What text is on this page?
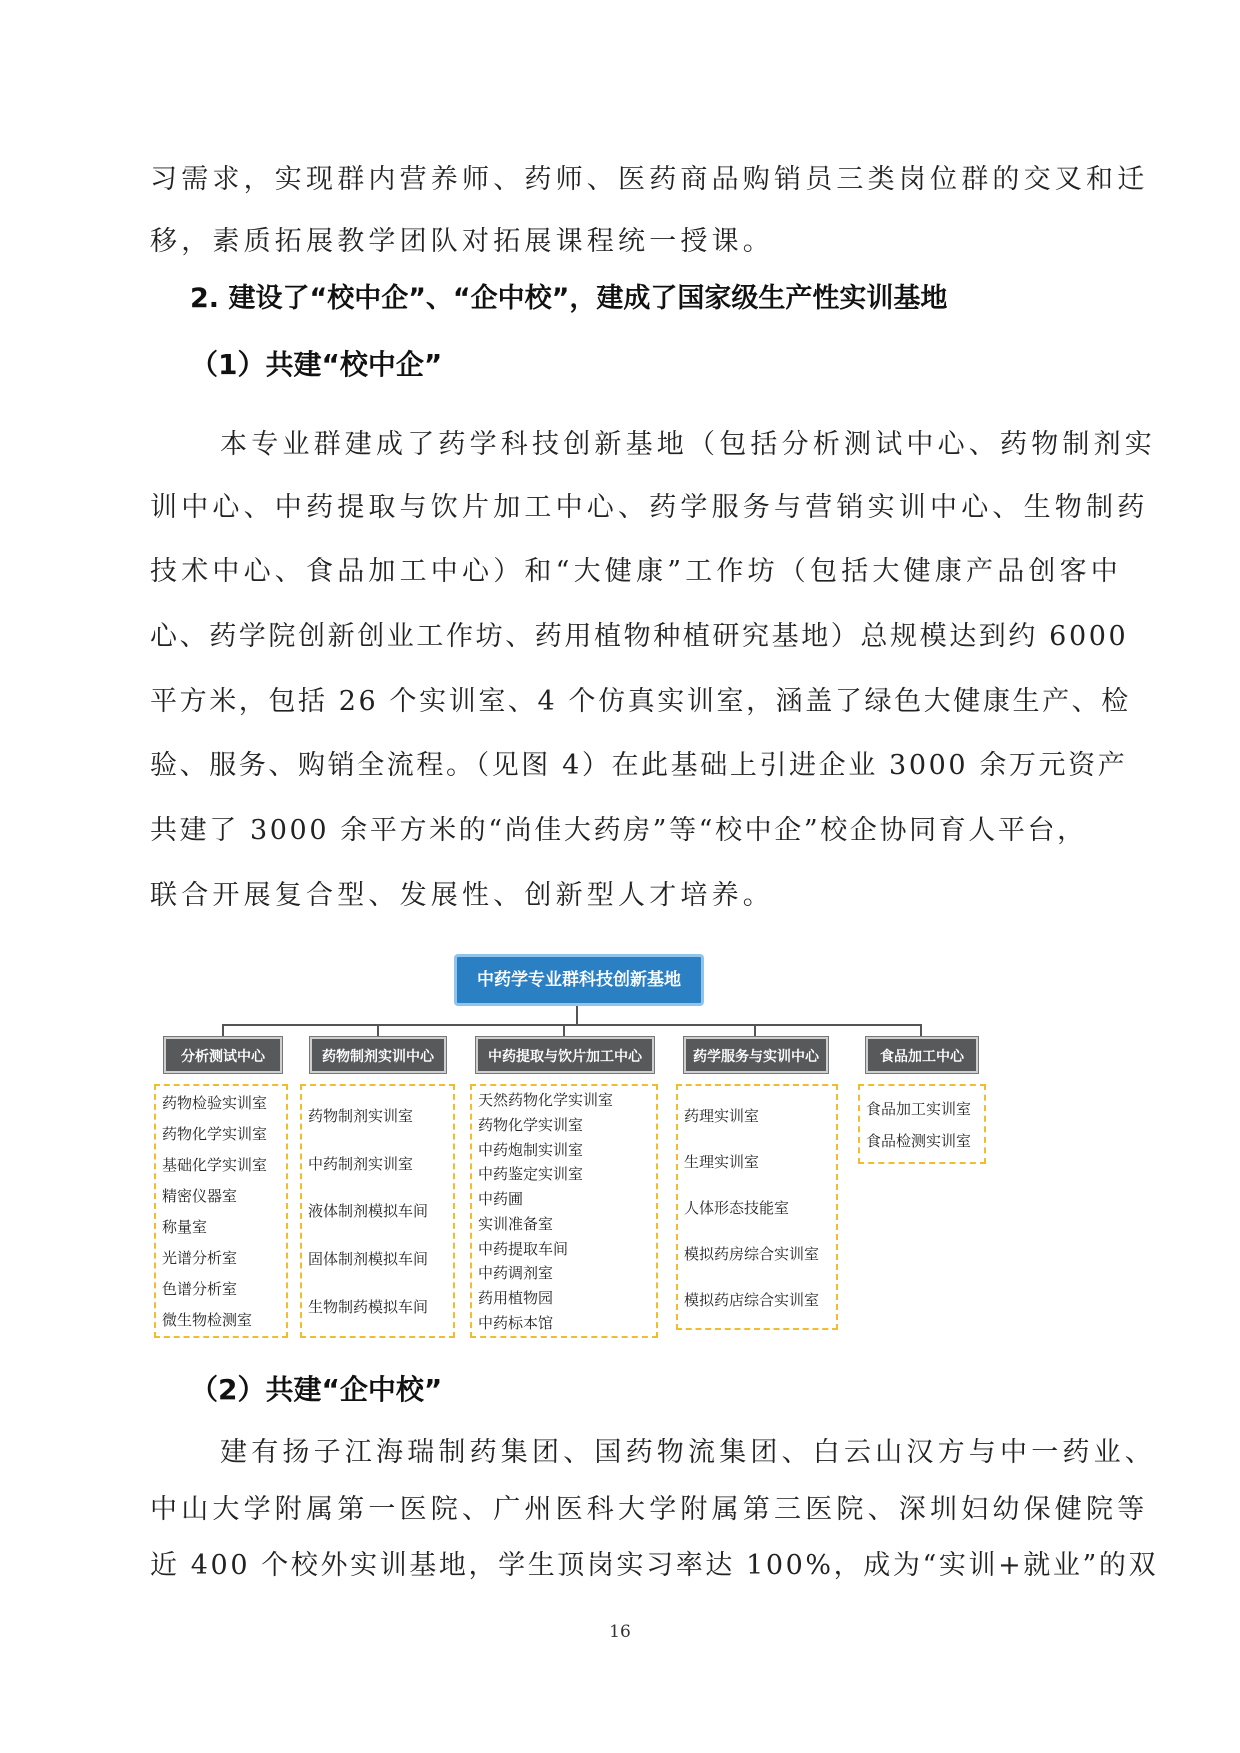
习需求，实现群内营养师、药师、医药商品购销员三类岗位群的交叉和迁
移，素质拓展教学团队对拓展课程统一授课。
2. 建设了“校中企”、“企中校”，建成了国家级生产性实训基地
（1）共建“校中企”
本专业群建成了药学科技创新基地（包括分析测试中心、药物制剂实
训中心、中药提取与饮片加工中心、药学服务与营销实训中心、生物制药
技术中心、食品加工中心）和“大健康”工作坊（包括大健康产品创客中
心、药学院创新创业工作坊、药用植物种植研究基地）总规模达到约 6000
平方米，包括 26 个实训室、4 个仿真实训室，涵盖了绿色大健康生产、检
验、服务、购销全流程。（见图 4）在此基础上引进企业 3000 余万元资产
共建了 3000 余平方米的“尚佳大药房”等“校中企”校企协同育人平台，
联合开展复合型、发展性、创新型人才培养。
中药学专业群科技创新基地
分析测试中心	药物制剂实训中心	中药提取与饮片加工中心	药学服务与实训中心	食品加工中心
药物检验实训室
药物化学实训室
基础化学实训室
精密仪器室
称量室
光谱分析室
色谱分析室
微生物检测室
药物制剂实训室
中药制剂实训室
液体制剂模拟车间
固体制剂模拟车间
生物制药模拟车间
天然药物化学实训室
药物化学实训室
中药炮制实训室
中药鉴定实训室
中药圃
实训准备室
中药提取车间
中药调剂室
药用植物园
中药标本馆
药理实训室
生理实训室
人体形态技能室
模拟药房综合实训室
模拟药店综合实训室
食品加工实训室
食品检测实训室
（2）共建“企中校”
建有扬子江海瑞制药集团、国药物流集团、白云山汉方与中一药业、
中山大学附属第一医院、广州医科大学附属第三医院、深圳妇幼保健院等
近 400 个校外实训基地，学生顶岗实习率达 100%，成为“实训+就业”的双
16
